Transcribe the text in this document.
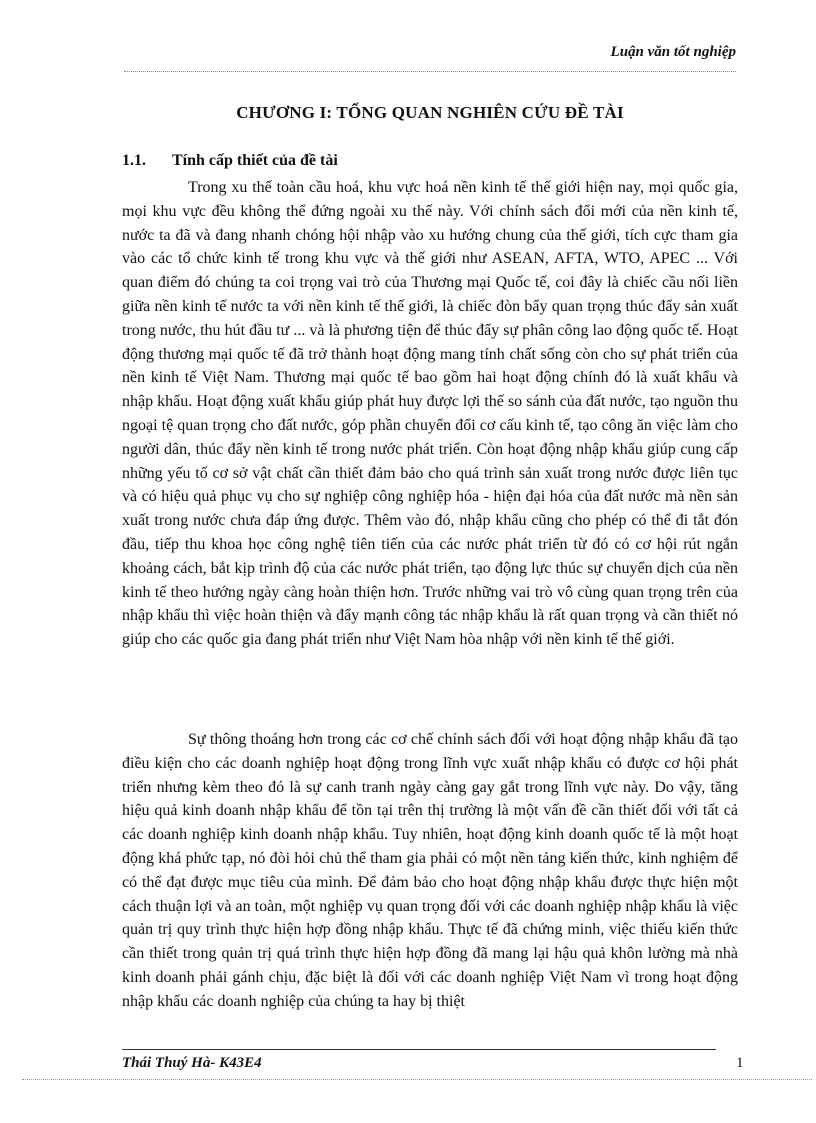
Luận văn tốt nghiệp
CHƯƠNG I: TỔNG QUAN NGHIÊN CỨU ĐỀ TÀI
1.1. Tính cấp thiết của đề tài

Trong xu thế toàn cầu hoá, khu vực hoá nền kinh tế thế giới hiện nay, mọi quốc gia, mọi khu vực đều không thể đứng ngoài xu thế này. Với chính sách đổi mới của nền kinh tế, nước ta đã và đang nhanh chóng hội nhập vào xu hướng chung của thế giới, tích cực tham gia vào các tổ chức kinh tế trong khu vực và thế giới như ASEAN, AFTA, WTO, APEC ... Với quan điểm đó chúng ta coi trọng vai trò của Thương mại Quốc tế, coi đây là chiếc cầu nối liền giữa nền kinh tế nước ta với nền kinh tế thế giới, là chiếc đòn bẩy quan trọng thúc đẩy sản xuất trong nước, thu hút đầu tư ... và là phương tiện để thúc đẩy sự phân công lao động quốc tế. Hoạt động thương mại quốc tế đã trở thành hoạt động mang tính chất sống còn cho sự phát triển của nền kinh tế Việt Nam. Thương mại quốc tế bao gồm hai hoạt động chính đó là xuất khẩu và nhập khẩu. Hoạt động xuất khẩu giúp phát huy được lợi thế so sánh của đất nước, tạo nguồn thu ngoại tệ quan trọng cho đất nước, góp phần chuyển đổi cơ cấu kinh tế, tạo công ăn việc làm cho người dân, thúc đẩy nền kinh tế trong nước phát triển. Còn hoạt động nhập khẩu giúp cung cấp những yếu tố cơ sở vật chất cần thiết đảm bảo cho quá trình sản xuất trong nước được liên tục và có hiệu quả phục vụ cho sự nghiệp công nghiệp hóa - hiện đại hóa của đất nước mà nền sản xuất trong nước chưa đáp ứng được. Thêm vào đó, nhập khẩu cũng cho phép có thể đi tắt đón đầu, tiếp thu khoa học công nghệ tiên tiến của các nước phát triển từ đó có cơ hội rút ngắn khoảng cách, bắt kịp trình độ của các nước phát triển, tạo động lực thúc sự chuyển dịch của nền kinh tế theo hướng ngày càng hoàn thiện hơn. Trước những vai trò vô cùng quan trọng trên của nhập khẩu thì việc hoàn thiện và đẩy mạnh công tác nhập khẩu là rất quan trọng và cần thiết nó giúp cho các quốc gia đang phát triển như Việt Nam hòa nhập với nền kinh tế thế giới.

Sự thông thoáng hơn trong các cơ chế chính sách đối với hoạt động nhập khẩu đã tạo điều kiện cho các doanh nghiệp hoạt động trong lĩnh vực xuất nhập khẩu có được cơ hội phát triển nhưng kèm theo đó là sự canh tranh ngày càng gay gắt trong lĩnh vực này. Do vậy, tăng hiệu quả kinh doanh nhập khẩu để tồn tại trên thị trường là một vấn đề cần thiết đối với tất cả các doanh nghiệp kinh doanh nhập khẩu. Tuy nhiên, hoạt động kinh doanh quốc tế là một hoạt động khá phức tạp, nó đòi hỏi chủ thể tham gia phải có một nền tảng kiến thức, kinh nghiệm để có thể đạt được mục tiêu của mình. Để đảm bảo cho hoạt động nhập khẩu được thực hiện một cách thuận lợi và an toàn, một nghiệp vụ quan trọng đối với các doanh nghiệp nhập khẩu là việc quản trị quy trình thực hiện hợp đồng nhập khẩu. Thực tế đã chứng minh, việc thiếu kiến thức cần thiết trong quản trị quá trình thực hiện hợp đồng đã mang lại hậu quả khôn lường mà nhà kinh doanh phải gánh chịu, đặc biệt là đối với các doanh nghiệp Việt Nam vì trong hoạt động nhập khẩu các doanh nghiệp của chúng ta hay bị thiệt

Thái Thuý Hà- K43E4	1
